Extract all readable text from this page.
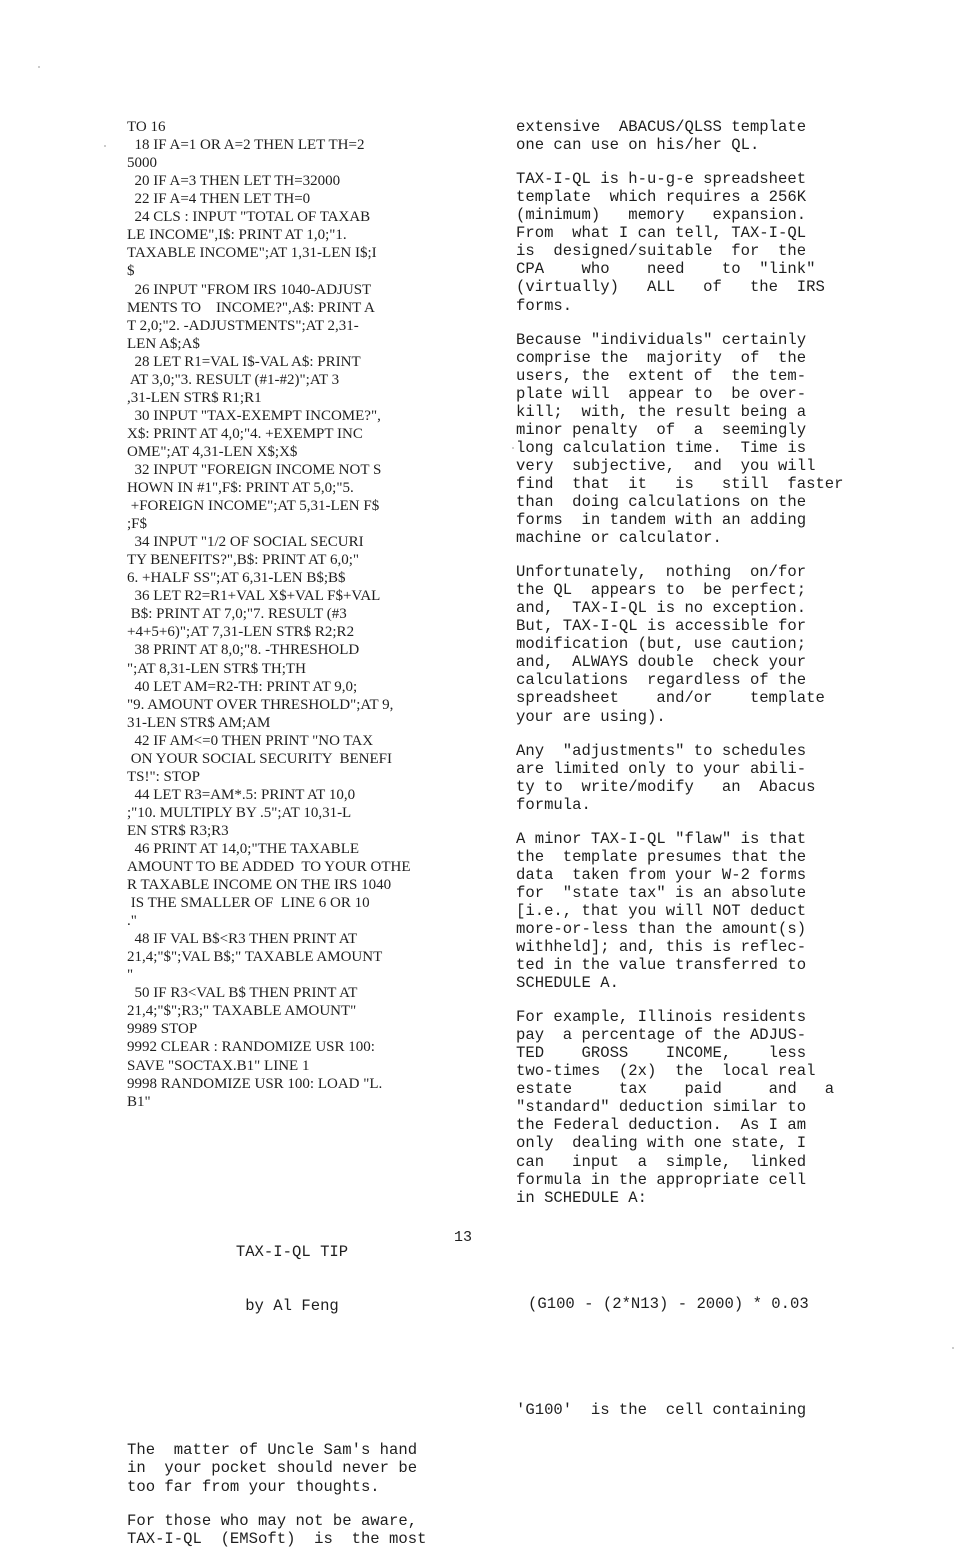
TO 16
18 IF A=1 OR A=2 THEN LET TH=2
5000
20 IF A=3 THEN LET TH=32000
22 IF A=4 THEN LET TH=0
24 CLS : INPUT "TOTAL OF TAXAB
LE INCOME",I$: PRINT AT 1,0;"1.
TAXABLE INCOME";AT 1,31-LEN I$;I
$
26 INPUT "FROM IRS 1040-ADJUST
MENTS TO    INCOME?",A$: PRINT A
T 2,0;"2. -ADJUSTMENTS";AT 2,31-
LEN A$;A$
28 LET R1=VAL I$-VAL A$: PRINT
AT 3,0;"3. RESULT (#1-#2)";AT 3
,31-LEN STR$ R1;R1
30 INPUT "TAX-EXEMPT INCOME?",
X$: PRINT AT 4,0;"4. +EXEMPT INC
OME";AT 4,31-LEN X$;X$
32 INPUT "FOREIGN INCOME NOT S
HOWN IN #1",F$: PRINT AT 5,0;"5.
+FOREIGN INCOME";AT 5,31-LEN F$
;F$
34 INPUT "1/2 OF SOCIAL SECURI
TY BENEFITS?",B$: PRINT AT 6,0;"
6. +HALF SS";AT 6,31-LEN B$;B$
36 LET R2=R1+VAL X$+VAL F$+VAL
B$: PRINT AT 7,0;"7. RESULT (#3
+4+5+6)";AT 7,31-LEN STR$ R2;R2
38 PRINT AT 8,0;"8. -THRESHOLD
";AT 8,31-LEN STR$ TH;TH
40 LET AM=R2-TH: PRINT AT 9,0;
"9. AMOUNT OVER THRESHOLD";AT 9,
31-LEN STR$ AM;AM
42 IF AM<=0 THEN PRINT "NO TAX
ON YOUR SOCIAL SECURITY  BENEFI
TS!": STOP
44 LET R3=AM*.5: PRINT AT 10,0
;"10. MULTIPLY BY .5";AT 10,31-L
EN STR$ R3;R3
46 PRINT AT 14,0;"THE TAXABLE
AMOUNT TO BE ADDED  TO YOUR OTHE
R TAXABLE INCOME ON THE IRS 1040
IS THE SMALLER OF  LINE 6 OR 10
."
48 IF VAL B$<R3 THEN PRINT AT
21,4;"$";VAL B$;" TAXABLE AMOUNT
"
50 IF R3<VAL B$ THEN PRINT AT
21,4;"$";R3;" TAXABLE AMOUNT"
9989 STOP
9992 CLEAR : RANDOMIZE USR 100:
SAVE "SOCTAX.B1" LINE 1
9998 RANDOMIZE USR 100: LOAD "L.
B1"

TAX-I-QL TIP

by Al Feng

The  matter of Uncle Sam's hand
in  your pocket should never be
too far from your thoughts.
For those who may not be aware,
TAX-I-QL  (EMSoft)  is  the most

extensive  ABACUS/QLSS template
one can use on his/her QL.
TAX-I-QL is h-u-g-e spreadsheet
template  which requires a 256K
(minimum)   memory   expansion.
From  what I can tell, TAX-I-QL
is  designed/suitable  for  the
CPA    who    need    to  "link"
(virtually)   ALL   of   the  IRS
forms.
Because "individuals" certainly
comprise the  majority  of  the
users, the  extent of  the tem-
plate will  appear to  be over-
kill;  with, the result being a
minor penalty  of  a  seemingly
long calculation time.  Time is
very  subjective,  and  you will
find  that  it   is   still  faster
than  doing calculations on the
forms  in tandem with an adding
machine or calculator.
Unfortunately,  nothing  on/for
the QL  appears to  be perfect;
and,  TAX-I-QL is no exception.
But, TAX-I-QL is accessible for
modification (but, use caution;
and,  ALWAYS double  check your
calculations  regardless of the
spreadsheet    and/or    template
your are using).
Any  "adjustments" to schedules
are limited only to your abili-
ty to  write/modify   an  Abacus
formula.
A minor TAX-I-QL "flaw" is that
the  template presumes that the
data  taken from your W-2 forms
for  "state tax" is an absolute
[i.e., that you will NOT deduct
more-or-less than the amount(s)
withheld]; and, this is reflec-
ted in the value transferred to
SCHEDULE A.
For example, Illinois residents
pay  a percentage of the ADJUS-
TED    GROSS    INCOME,    less
two-times  (2x)  the  local real
estate     tax    paid     and   a
"standard" deduction similar to
the Federal deduction.  As I am
only  dealing with one state, I
can   input  a  simple,  linked
formula in the appropriate cell
in SCHEDULE A:

(G100 - (2*N13) - 2000) * 0.03

'G100'  is the  cell containing

13
